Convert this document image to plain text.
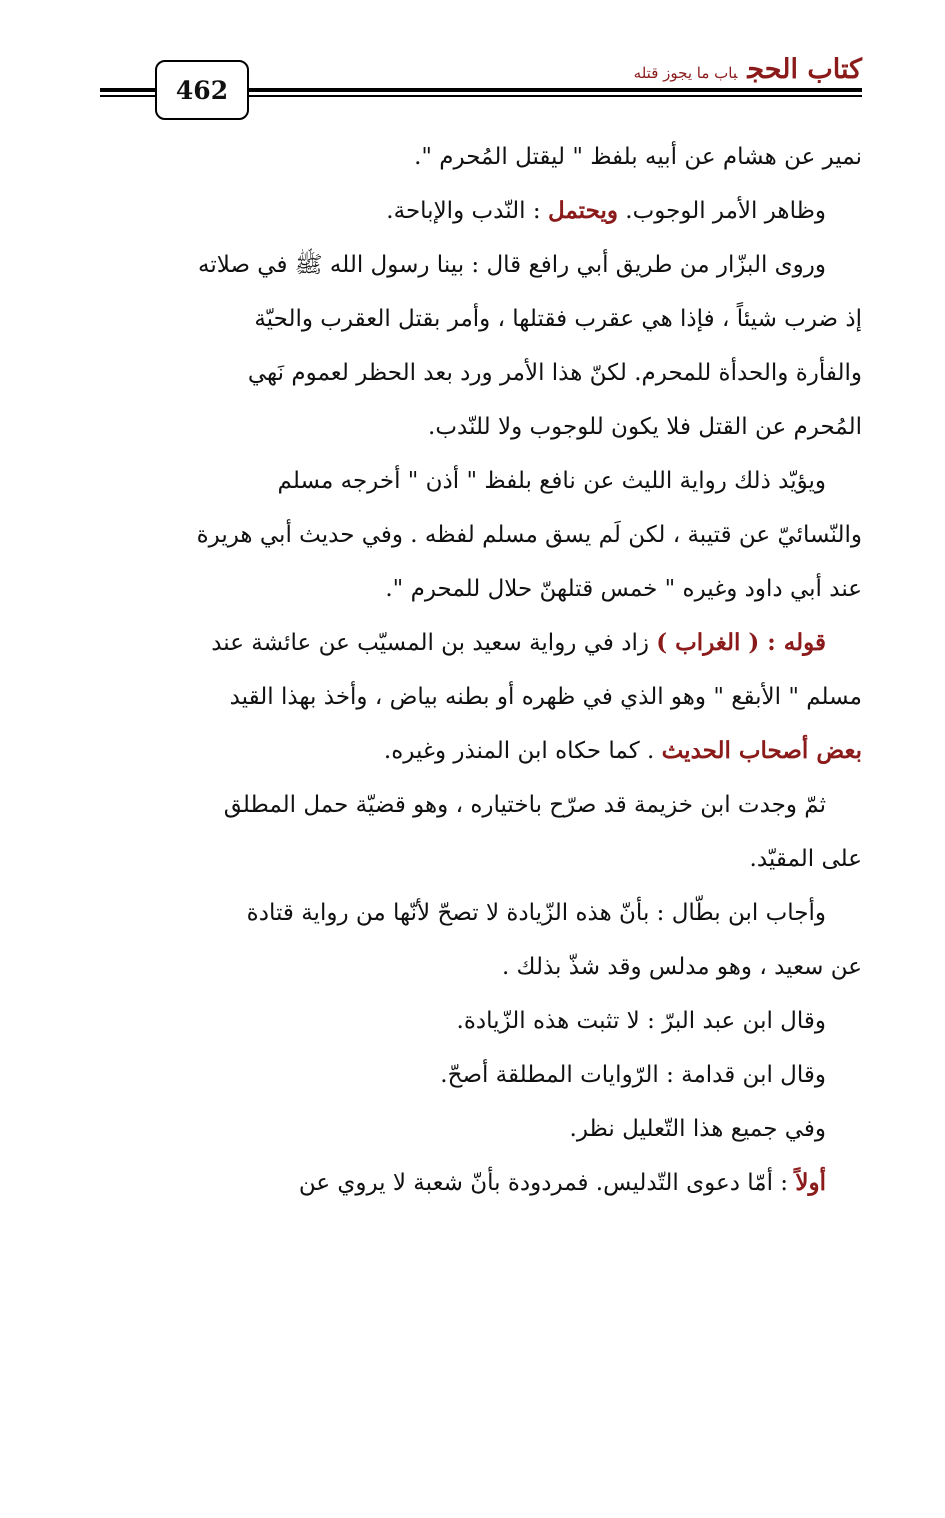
462
كتاب الحجباب ما يجوز قتله
نمير عن هشام عن أبيه بلفظ " ليقتل المُحرم ".
وظاهر الأمر الوجوب. ويحتمل : النّدب والإباحة.
وروى البزّار من طريق أبي رافع قال : بينا رسول الله ﷺ في صلاته
إذ ضرب شيئاً ، فإذا هي عقرب فقتلها ، وأمر بقتل العقرب والحيّة
والفأرة والحدأة للمحرم. لكنّ هذا الأمر ورد بعد الحظر لعموم نَهي
المُحرم عن القتل فلا يكون للوجوب ولا للنّدب.
ويؤيّد ذلك رواية الليث عن نافع بلفظ " أذن " أخرجه مسلم
والنّسائيّ عن قتيبة ، لكن لَم يسق مسلم لفظه . وفي حديث أبي هريرة
عند أبي داود وغيره " خمس قتلهنّ حلال للمحرم ".
قوله : ( الغراب ) زاد في رواية سعيد بن المسيّب عن عائشة عند
مسلم " الأبقع " وهو الذي في ظهره أو بطنه بياض ، وأخذ بهذا القيد
بعض أصحاب الحديث . كما حكاه ابن المنذر وغيره.
ثمّ وجدت ابن خزيمة قد صرّح باختياره ، وهو قضيّة حمل المطلق
على المقيّد.
وأجاب ابن بطّال : بأنّ هذه الزّيادة لا تصحّ لأنّها من رواية قتادة
عن سعيد ، وهو مدلس وقد شذّ بذلك .
وقال ابن عبد البرّ : لا تثبت هذه الزّيادة.
وقال ابن قدامة : الرّوايات المطلقة أصحّ.
وفي جميع هذا التّعليل نظر.
أولاً : أمّا دعوى التّدليس. فمردودة بأنّ شعبة لا يروي عن
